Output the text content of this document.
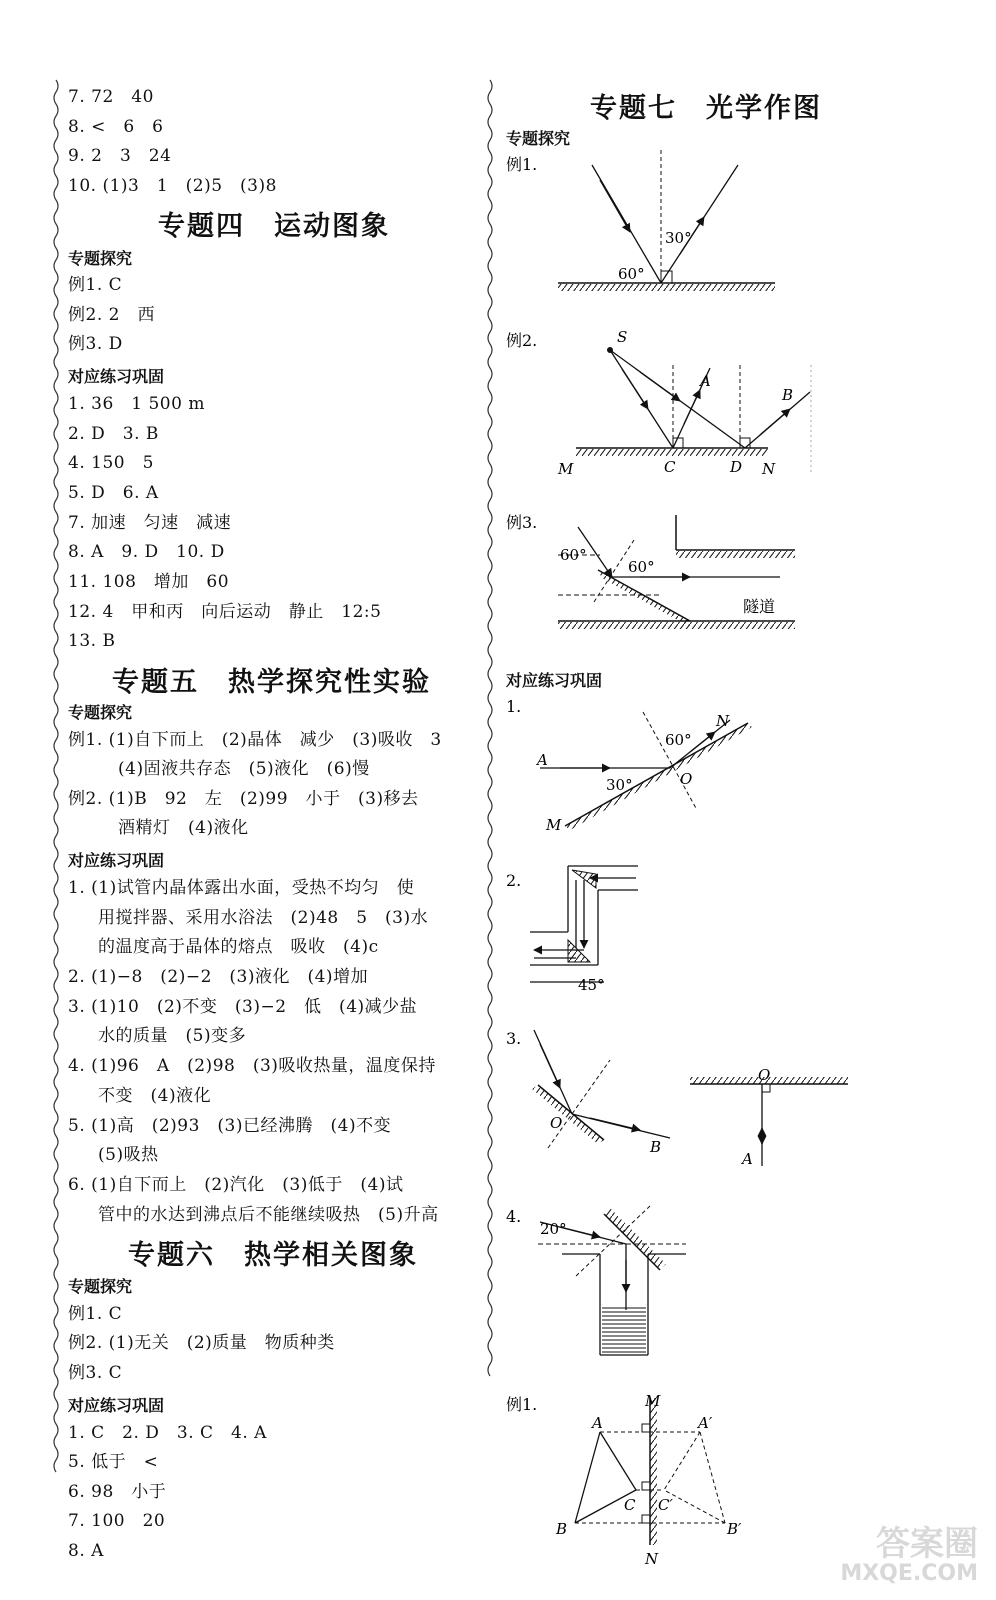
7. 72　40
8. <　6　6
9. 2　3　24
10. (1)3　1　(2)5　(3)8
专题四　运动图象
专题探究
例1. C
例2. 2　西
例3. D
对应练习巩固
1. 36　1 500 m
2. D　3. B
4. 150　5
5. D　6. A
7. 加速　匀速　减速
8. A　9. D　10. D
11. 108　增加　60
12. 4　甲和丙　向后运动　静止　12:5
13. B
专题五　热学探究性实验
专题探究
例1. (1)自下而上　(2)晶体　减少　(3)吸收　3
(4)固液共存态　(5)液化　(6)慢
例2. (1)B　92　左　(2)99　小于　(3)移去
酒精灯　(4)液化
对应练习巩固
1. (1)试管内晶体露出水面，受热不均匀　使
用搅拌器、采用水浴法　(2)48　5　(3)水
的温度高于晶体的熔点　吸收　(4)c
2. (1)−8　(2)−2　(3)液化　(4)增加
3. (1)10　(2)不变　(3)−2　低　(4)减少盐
水的质量　(5)变多
4. (1)96　A　(2)98　(3)吸收热量，温度保持
不变　(4)液化
5. (1)高　(2)93　(3)已经沸腾　(4)不变
(5)吸热
6. (1)自下而上　(2)汽化　(3)低于　(4)试
管中的水达到沸点后不能继续吸热　(5)升高
专题六　热学相关图象
专题探究
例1. C
例2. (1)无关　(2)质量　物质种类
例3. C
对应练习巩固
1. C　2. D　3. C　4. A
5. 低于　<
6. 98　小于
7. 100　20
8. A
专题七　光学作图
专题探究
对应练习巩固
例1.
30°
60°
例2.	S
A
B
M	C	D N
例3.
60°
60°
隧道
1.
A
N
O
M
60°
30°
2.
45°
3.
O
B
O
A
4.
20°
例1.	M
N
A	A′
B	B′
C C′
答案圈
MXQE.COM
